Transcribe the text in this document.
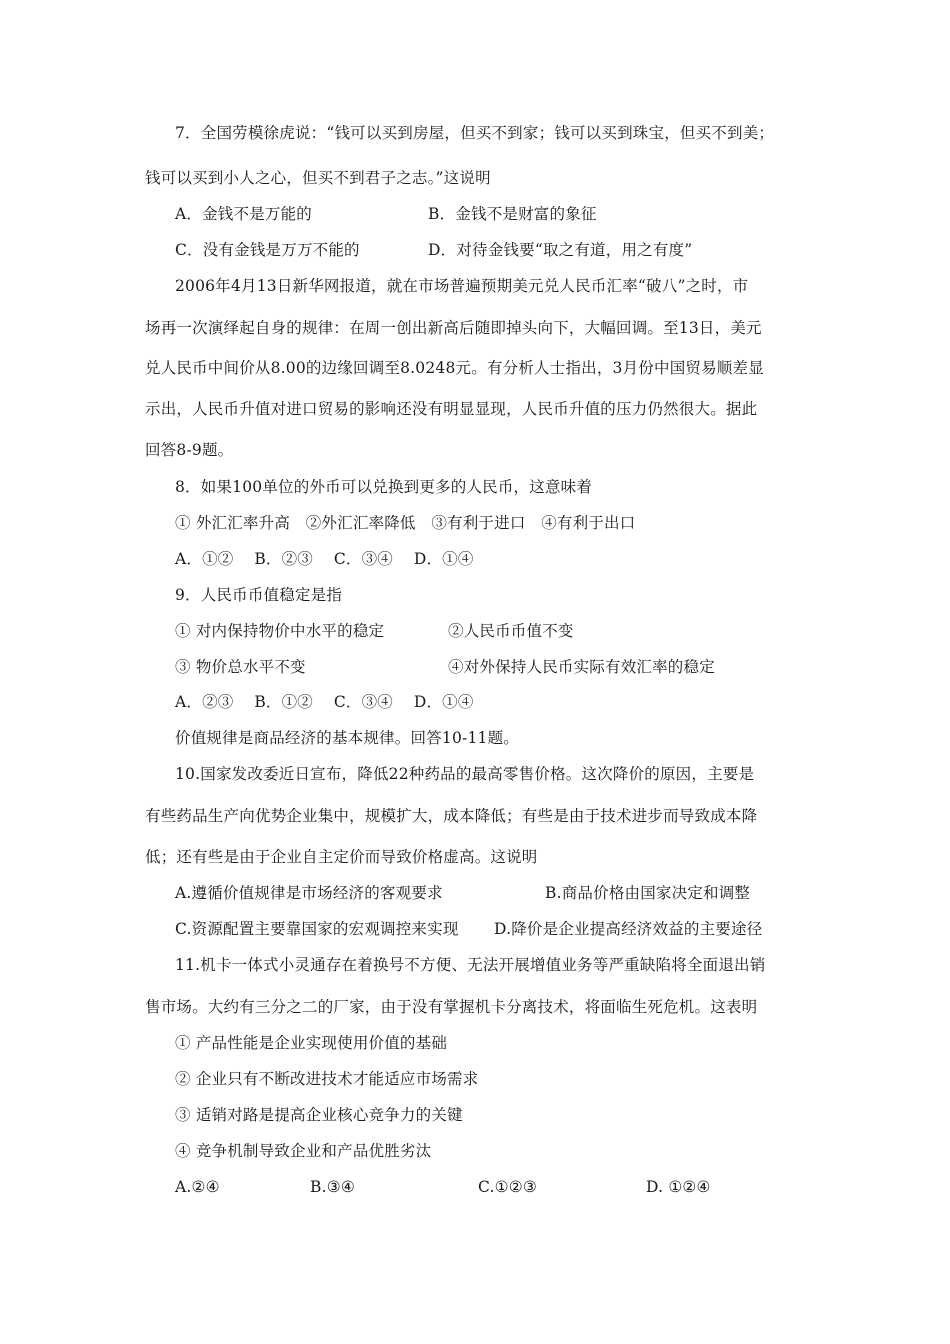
7．全国劳模徐虎说：“钱可以买到房屋，但买不到家；钱可以买到珠宝，但买不到美；
钱可以买到小人之心，但买不到君子之志。”这说明
A．金钱不是万能的	B．金钱不是财富的象征
C．没有金钱是万万不能的	D．对待金钱要“取之有道，用之有度”
2006年4月13日新华网报道，就在市场普遍预期美元兑人民币汇率“破八”之时，市
场再一次演绎起自身的规律：在周一创出新高后随即掉头向下，大幅回调。至13日，美元
兑人民币中间价从8.00的边缘回调至8.0248元。有分析人士指出，3月份中国贸易顺差显
示出，人民币升值对进口贸易的影响还没有明显显现，人民币升值的压力仍然很大。据此
回答8-9题。
8．如果100单位的外币可以兑换到更多的人民币，这意味着
① 外汇汇率升高　②外汇汇率降低　③有利于进口　④有利于出口
A．①②　 B．②③　 C．③④　 D．①④
9．人民币币值稳定是指
① 对内保持物价中水平的稳定	②人民币币值不变
③ 物价总水平不变	④对外保持人民币实际有效汇率的稳定
A．②③　 B．①②　 C．③④　 D．①④
价值规律是商品经济的基本规律。回答10-11题。
10.国家发改委近日宣布，降低22种药品的最高零售价格。这次降价的原因，主要是
有些药品生产向优势企业集中，规模扩大，成本降低；有些是由于技术进步而导致成本降
低；还有些是由于企业自主定价而导致价格虚高。这说明
A.遵循价值规律是市场经济的客观要求	B.商品价格由国家决定和调整
C.资源配置主要靠国家的宏观调控来实现 D.降价是企业提高经济效益的主要途径
11.机卡一体式小灵通存在着换号不方便、无法开展增值业务等严重缺陷将全面退出销
售市场。大约有三分之二的厂家，由于没有掌握机卡分离技术，将面临生死危机。这表明
① 产品性能是企业实现使用价值的基础
② 企业只有不断改进技术才能适应市场需求
③ 适销对路是提高企业核心竞争力的关键
④ 竞争机制导致企业和产品优胜劣汰
A.②④	B.③④	C.①②③	D. ①②④
